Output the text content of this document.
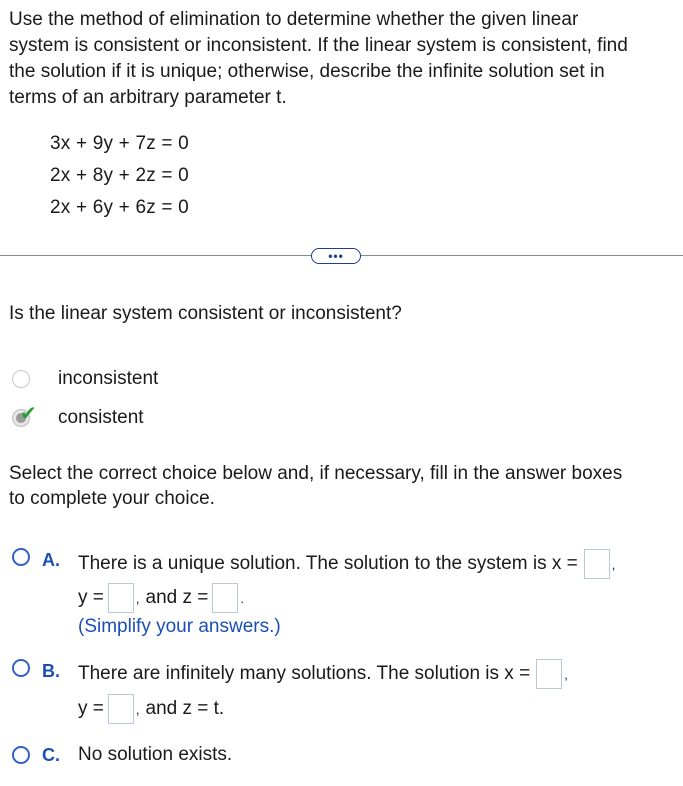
Use the method of elimination to determine whether the given linear
system is consistent or inconsistent. If the linear system is consistent, find
the solution if it is unique; otherwise, describe the infinite solution set in
terms of an arbitrary parameter t.
3x + 9y + 7z = 0
2x + 8y + 2z = 0
2x + 6y + 6z = 0
•••
Is the linear system consistent or inconsistent?
inconsistent
✔ consistent
Select the correct choice below and, if necessary, fill in the answer boxes
to complete your choice.
A. There is a unique solution. The solution to the system is x =	,
y = , and z = .
(Simplify your answers.)
B. There are infinitely many solutions. The solution is x =	,
y = , and z = t.
C. No solution exists.
